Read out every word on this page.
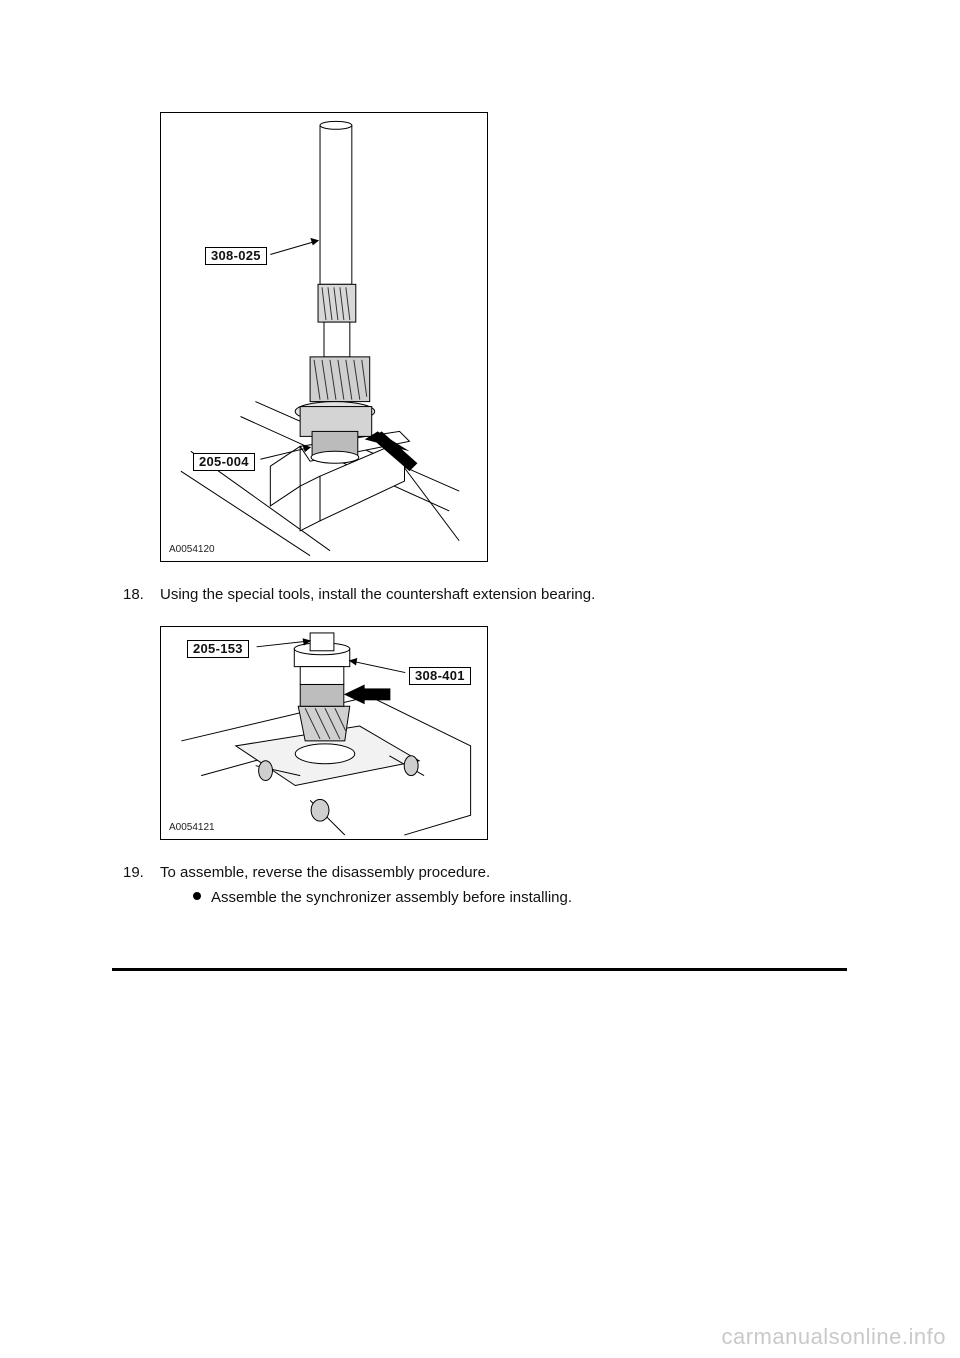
308-025
205-004
A0054120
18. Using the special tools, install the countershaft extension bearing.
205-153
308-401
A0054121
19. To assemble, reverse the disassembly procedure.
Assemble the synchronizer assembly before installing.
carmanualsonline.info
